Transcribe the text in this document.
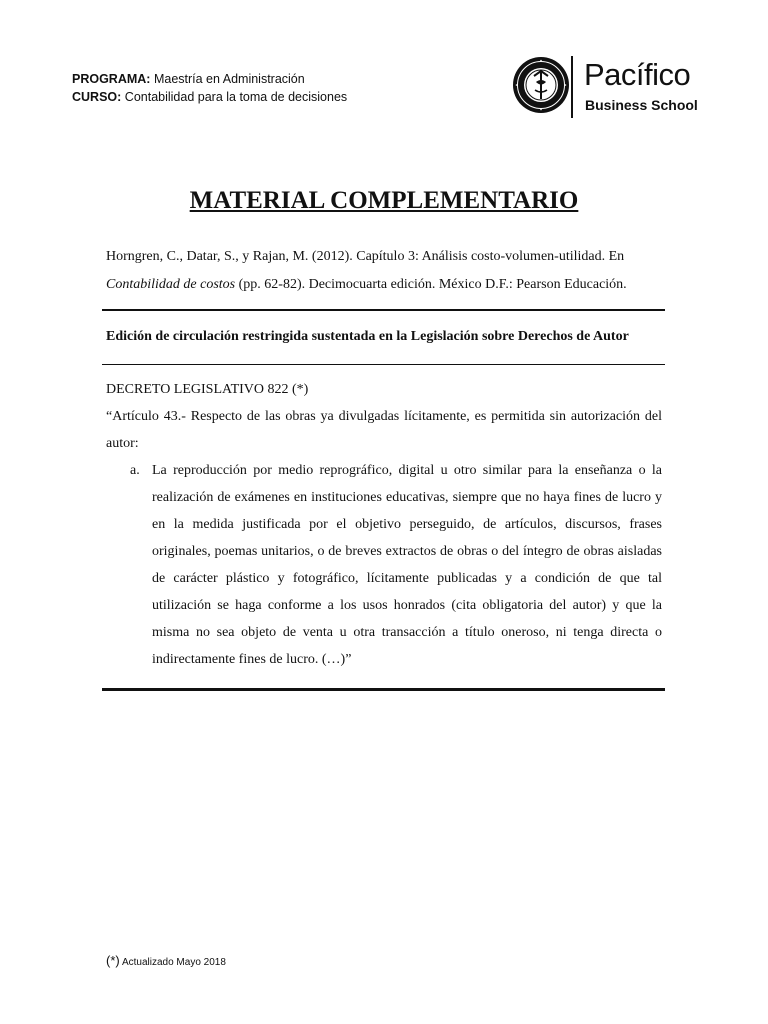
PROGRAMA: Maestría en Administración
CURSO: Contabilidad para la toma de decisiones
Pacífico
Business School
MATERIAL COMPLEMENTARIO
Horngren, C., Datar, S., y Rajan, M. (2012). Capítulo 3: Análisis costo-volumen-utilidad. En Contabilidad de costos (pp. 62-82). Decimocuarta edición. México D.F.: Pearson Educación.
Edición de circulación restringida sustentada en la Legislación sobre Derechos de Autor
DECRETO LEGISLATIVO 822 (*)
“Artículo 43.- Respecto de las obras ya divulgadas lícitamente, es permitida sin autorización del autor:
a. La reproducción por medio reprográfico, digital u otro similar para la enseñanza o la realización de exámenes en instituciones educativas, siempre que no haya fines de lucro y en la medida justificada por el objetivo perseguido, de artículos, discursos, frases originales, poemas unitarios, o de breves extractos de obras o del íntegro de obras aisladas de carácter plástico y fotográfico, lícitamente publicadas y a condición de que tal utilización se haga conforme a los usos honrados (cita obligatoria del autor) y que la misma no sea objeto de venta u otra transacción a título oneroso, ni tenga directa o indirectamente fines de lucro. (…)”
(*) Actualizado Mayo 2018
